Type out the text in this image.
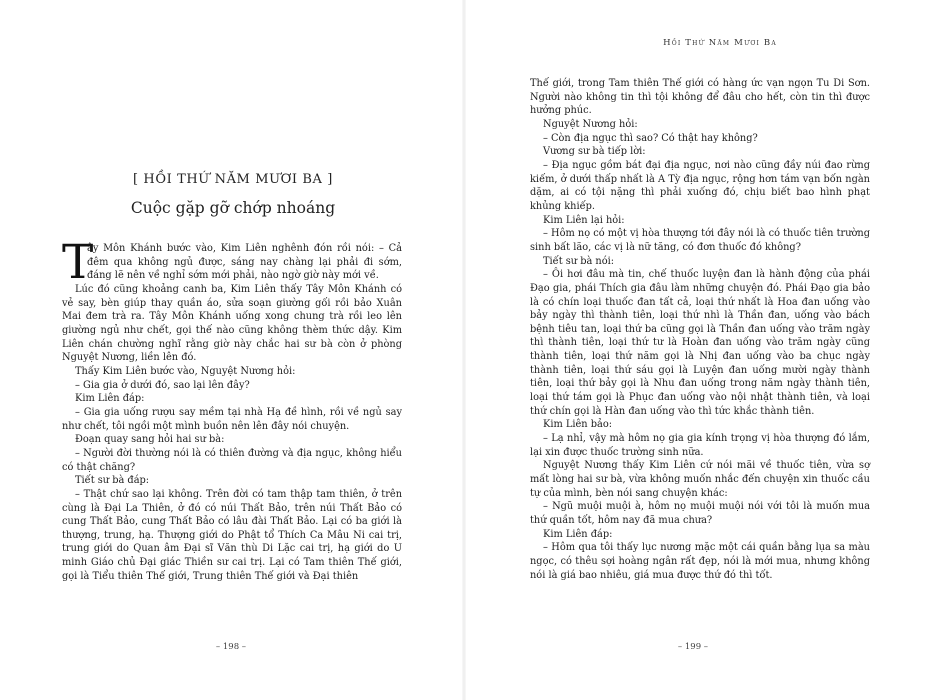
[ HỒI THỨ NĂM MƯƠI BA ]
Cuộc gặp gỡ chớp nhoáng
T

ây Môn Khánh bước vào, Kim Liên nghênh đón rồi nói: – Cả đêm qua không ngủ được, sáng nay chàng lại phải đi sớm, đáng lẽ nên về nghỉ sớm mới phải, nào ngờ giờ này mới về.

Lúc đó cũng khoảng canh ba, Kim Liên thấy Tây Môn Khánh có vẻ say, bèn giúp thay quần áo, sửa soạn giường gối rồi bảo Xuân Mai đem trà ra. Tây Môn Khánh uống xong chung trà rồi leo lên giường ngủ như chết, gọi thế nào cũng không thèm thức dậy. Kim Liên chán chường nghĩ rằng giờ này chắc hai sư bà còn ở phòng Nguyệt Nương, liền lên đó.

Thấy Kim Liên bước vào, Nguyệt Nương hỏi:

– Gia gia ở dưới đó, sao lại lên đây?

Kim Liên đáp:

– Gia gia uống rượu say mềm tại nhà Hạ đề hình, rồi về ngủ say như chết, tôi ngồi một mình buồn nên lên đây nói chuyện.

Đoạn quay sang hỏi hai sư bà:

– Người đời thường nói là có thiên đường và địa ngục, không hiểu có thật chăng?

Tiết sư bà đáp:

– Thật chứ sao lại không. Trên đời có tam thập tam thiên, ở trên cùng là Đại La Thiên, ở đó có núi Thất Bảo, trên núi Thất Bảo có cung Thất Bảo, cung Thất Bảo có lâu đài Thất Bảo. Lại có ba giới là thượng, trung, hạ. Thượng giới do Phật tổ Thích Ca Mâu Ni cai trị, trung giới do Quan âm Đại sĩ Văn thù Di Lặc cai trị, hạ giới do U minh Giáo chủ Đại giác Thiền sư cai trị. Lại có Tam thiên Thế giới, gọi là Tiểu thiên Thế giới, Trung thiên Thế giới và Đại thiên

– 198 –
Hồi Thứ Năm Mươi Ba

Thế giới, trong Tam thiên Thế giới có hàng ức vạn ngọn Tu Di Sơn. Người nào không tin thì tội không để đâu cho hết, còn tin thì được hưởng phúc.

Nguyệt Nương hỏi:

– Còn địa ngục thì sao? Có thật hay không?

Vương sư bà tiếp lời:

– Địa ngục gồm bát đại địa ngục, nơi nào cũng đầy núi đao rừng kiếm, ở dưới thấp nhất là A Tỳ địa ngục, rộng hơn tám vạn bốn ngàn dặm, ai có tội nặng thì phải xuống đó, chịu biết bao hình phạt khủng khiếp.

Kim Liên lại hỏi:

– Hôm nọ có một vị hòa thượng tới đây nói là có thuốc tiên trường sinh bất lão, các vị là nữ tăng, có đơn thuốc đó không?

Tiết sư bà nói:

– Ôi hơi đâu mà tin, chế thuốc luyện đan là hành động của phái Đạo gia, phái Thích gia đâu làm những chuyện đó. Phái Đạo gia bảo là có chín loại thuốc đan tất cả, loại thứ nhất là Hoa đan uống vào bảy ngày thì thành tiên, loại thứ nhì là Thần đan, uống vào bách bệnh tiêu tan, loại thứ ba cũng gọi là Thần đan uống vào trăm ngày thì thành tiên, loại thứ tư là Hoàn đan uống vào trăm ngày cũng thành tiên, loại thứ năm gọi là Nhị đan uống vào ba chục ngày thành tiên, loại thứ sáu gọi là Luyện đan uống mười ngày thành tiên, loại thứ bảy gọi là Nhu đan uống trong năm ngày thành tiên, loại thứ tám gọi là Phục đan uống vào nội nhật thành tiên, và loại thứ chín gọi là Hàn đan uống vào thì tức khắc thành tiên.

Kim Liên bảo:

– Lạ nhỉ, vậy mà hôm nọ gia gia kính trọng vị hòa thượng đó lắm, lại xin được thuốc trường sinh nữa.

Nguyệt Nương thấy Kim Liên cứ nói mãi về thuốc tiên, vừa sợ mất lòng hai sư bà, vừa không muốn nhắc đến chuyện xin thuốc cầu tự của mình, bèn nói sang chuyện khác:

– Ngũ muội muội à, hôm nọ muội muội nói với tôi là muốn mua thứ quần tốt, hôm nay đã mua chưa?

Kim Liên đáp:

– Hôm qua tôi thấy lục nương mặc một cái quần bằng lụa sa màu ngọc, có thêu sợi hoàng ngân rất đẹp, nói là mới mua, nhưng không nói là giá bao nhiêu, giá mua được thứ đó thì tốt.

– 199 –
